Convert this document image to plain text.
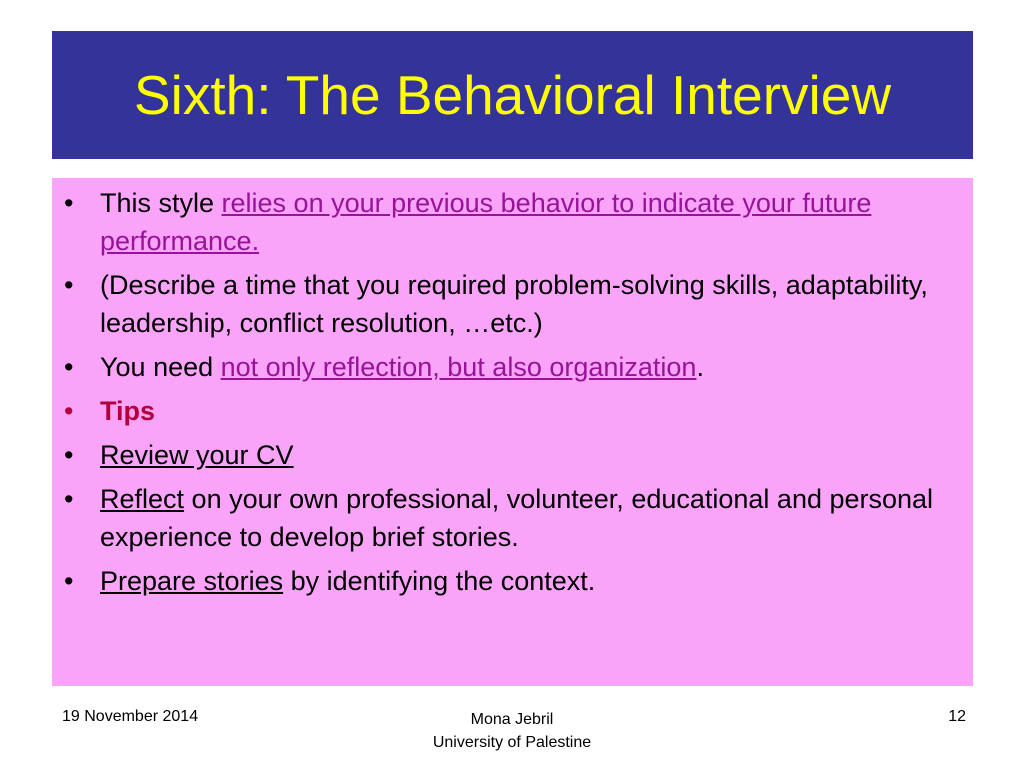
Sixth: The Behavioral Interview
• This style relies on your previous behavior to indicate your future performance.
• (Describe a time that you required problem-solving skills, adaptability, leadership, conflict resolution, …etc.)
• You need not only reflection, but also organization.
• Tips
• Review your CV
• Reflect on your own professional, volunteer, educational and personal experience to develop brief stories.
• Prepare stories by identifying the context.
19 November 2014	Mona Jebril
University of Palestine
12
